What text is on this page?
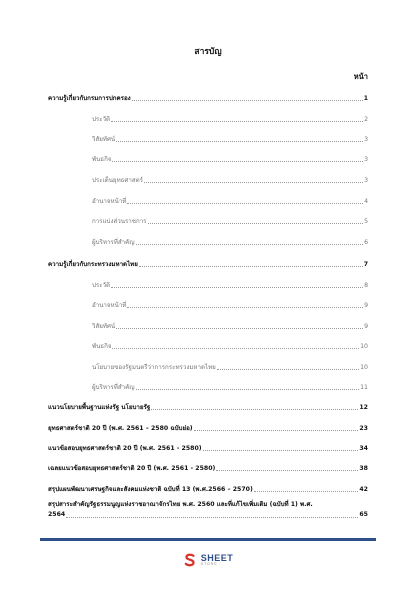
สารบัญ
หน้า
ความรู้เกี่ยวกับกรมการปกครอง	1
ประวัติ	2
วิสัยทัศน์	3
พันธกิจ	3
ประเด็นยุทธศาสตร์	3
อำนาจหน้าที่	4
การแบ่งส่วนราชการ	5
ผู้บริหารที่สำคัญ	6
ความรู้เกี่ยวกับกระทรวงมหาดไทย	7
ประวัติ	8
อำนาจหน้าที่	9
วิสัยทัศน์	9
พันธกิจ	10
นโยบายของรัฐมนตรีว่าการกระทรวงมหาดไทย	10
ผู้บริหารที่สำคัญ	11
แนวนโยบายพื้นฐานแห่งรัฐ นโยบายรัฐ	12
ยุทธศาสตร์ชาติ 20 ปี (พ.ศ. 2561 – 2580 ฉบับย่อ)	23
แนวข้อสอบยุทธศาสตร์ชาติ 20 ปี (พ.ศ. 2561 - 2580)	34
เฉลยแนวข้อสอบยุทธศาสตร์ชาติ 20 ปี (พ.ศ. 2561 - 2580)	38
สรุปแผนพัฒนาเศรษฐกิจและสังคมแห่งชาติ ฉบับที่ 13 (พ.ศ.2566 – 2570)	42
สรุปสาระสำคัญรัฐธรรมนูญแห่งราชอาณาจักรไทย พ.ศ. 2560 และที่แก้ไขเพิ่มเติม (ฉบับที่ 1) พ.ศ.
2564	65
SHEET
STORE
